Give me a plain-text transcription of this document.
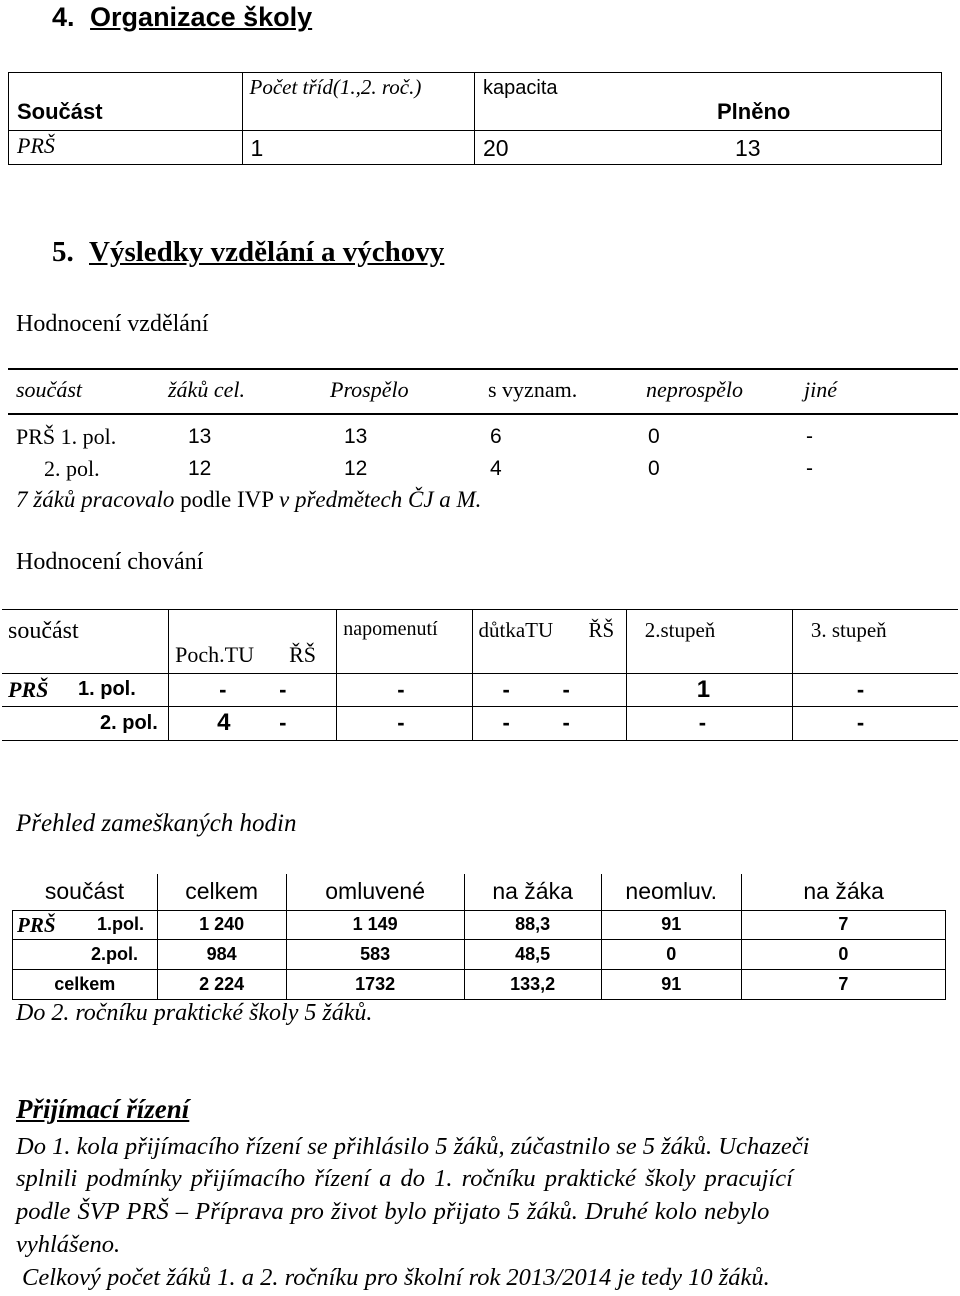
4. Organizace školy
Součást	Počet tříd(1.,2. roč.)	kapacita
Plněno

PRŠ	1	20 13
5. Výsledky vzdělání a výchovy
Hodnocení vzdělání
součást	žáků cel.	Prospělo	s vyznam.	neprospělo	jiné
PRŠ 1. pol.	13	13	6	0	-
2. pol.	12	12	4	0	-
7 žáků pracovalo podle IVP v předmětech ČJ a M.
Hodnocení chování
součást	Poch.TU ŘŠ	napomenutí	důtkaTU ŘŠ	2.stupeň	3. stupeň

PRŠ 1. pol.	- -	-	- -	1	-

2. pol.	4 -	-	- -	-	-
Přehled zameškaných hodin
součást	celkem	omluvené	na žáka	neomluv.	na žáka

PRŠ 1.pol.	1 240	1 149	88,3	91	7

2.pol.	984	583	48,5	0	0

celkem	2 224	1732	133,2	91	7
Do 2. ročníku praktické školy 5 žáků.
Přijímací řízení
Do 1. kola přijímacího řízení se přihlásilo 5 žáků, zúčastnilo se 5 žáků. Uchazeči
splnili podmínky přijímacího řízení a do 1. ročníku praktické školy pracující
podle ŠVP PRŠ – Příprava pro život bylo přijato 5 žáků. Druhé kolo nebylo
vyhlášeno.
Celkový počet žáků 1. a 2. ročníku pro školní rok 2013/2014 je tedy 10 žáků.
